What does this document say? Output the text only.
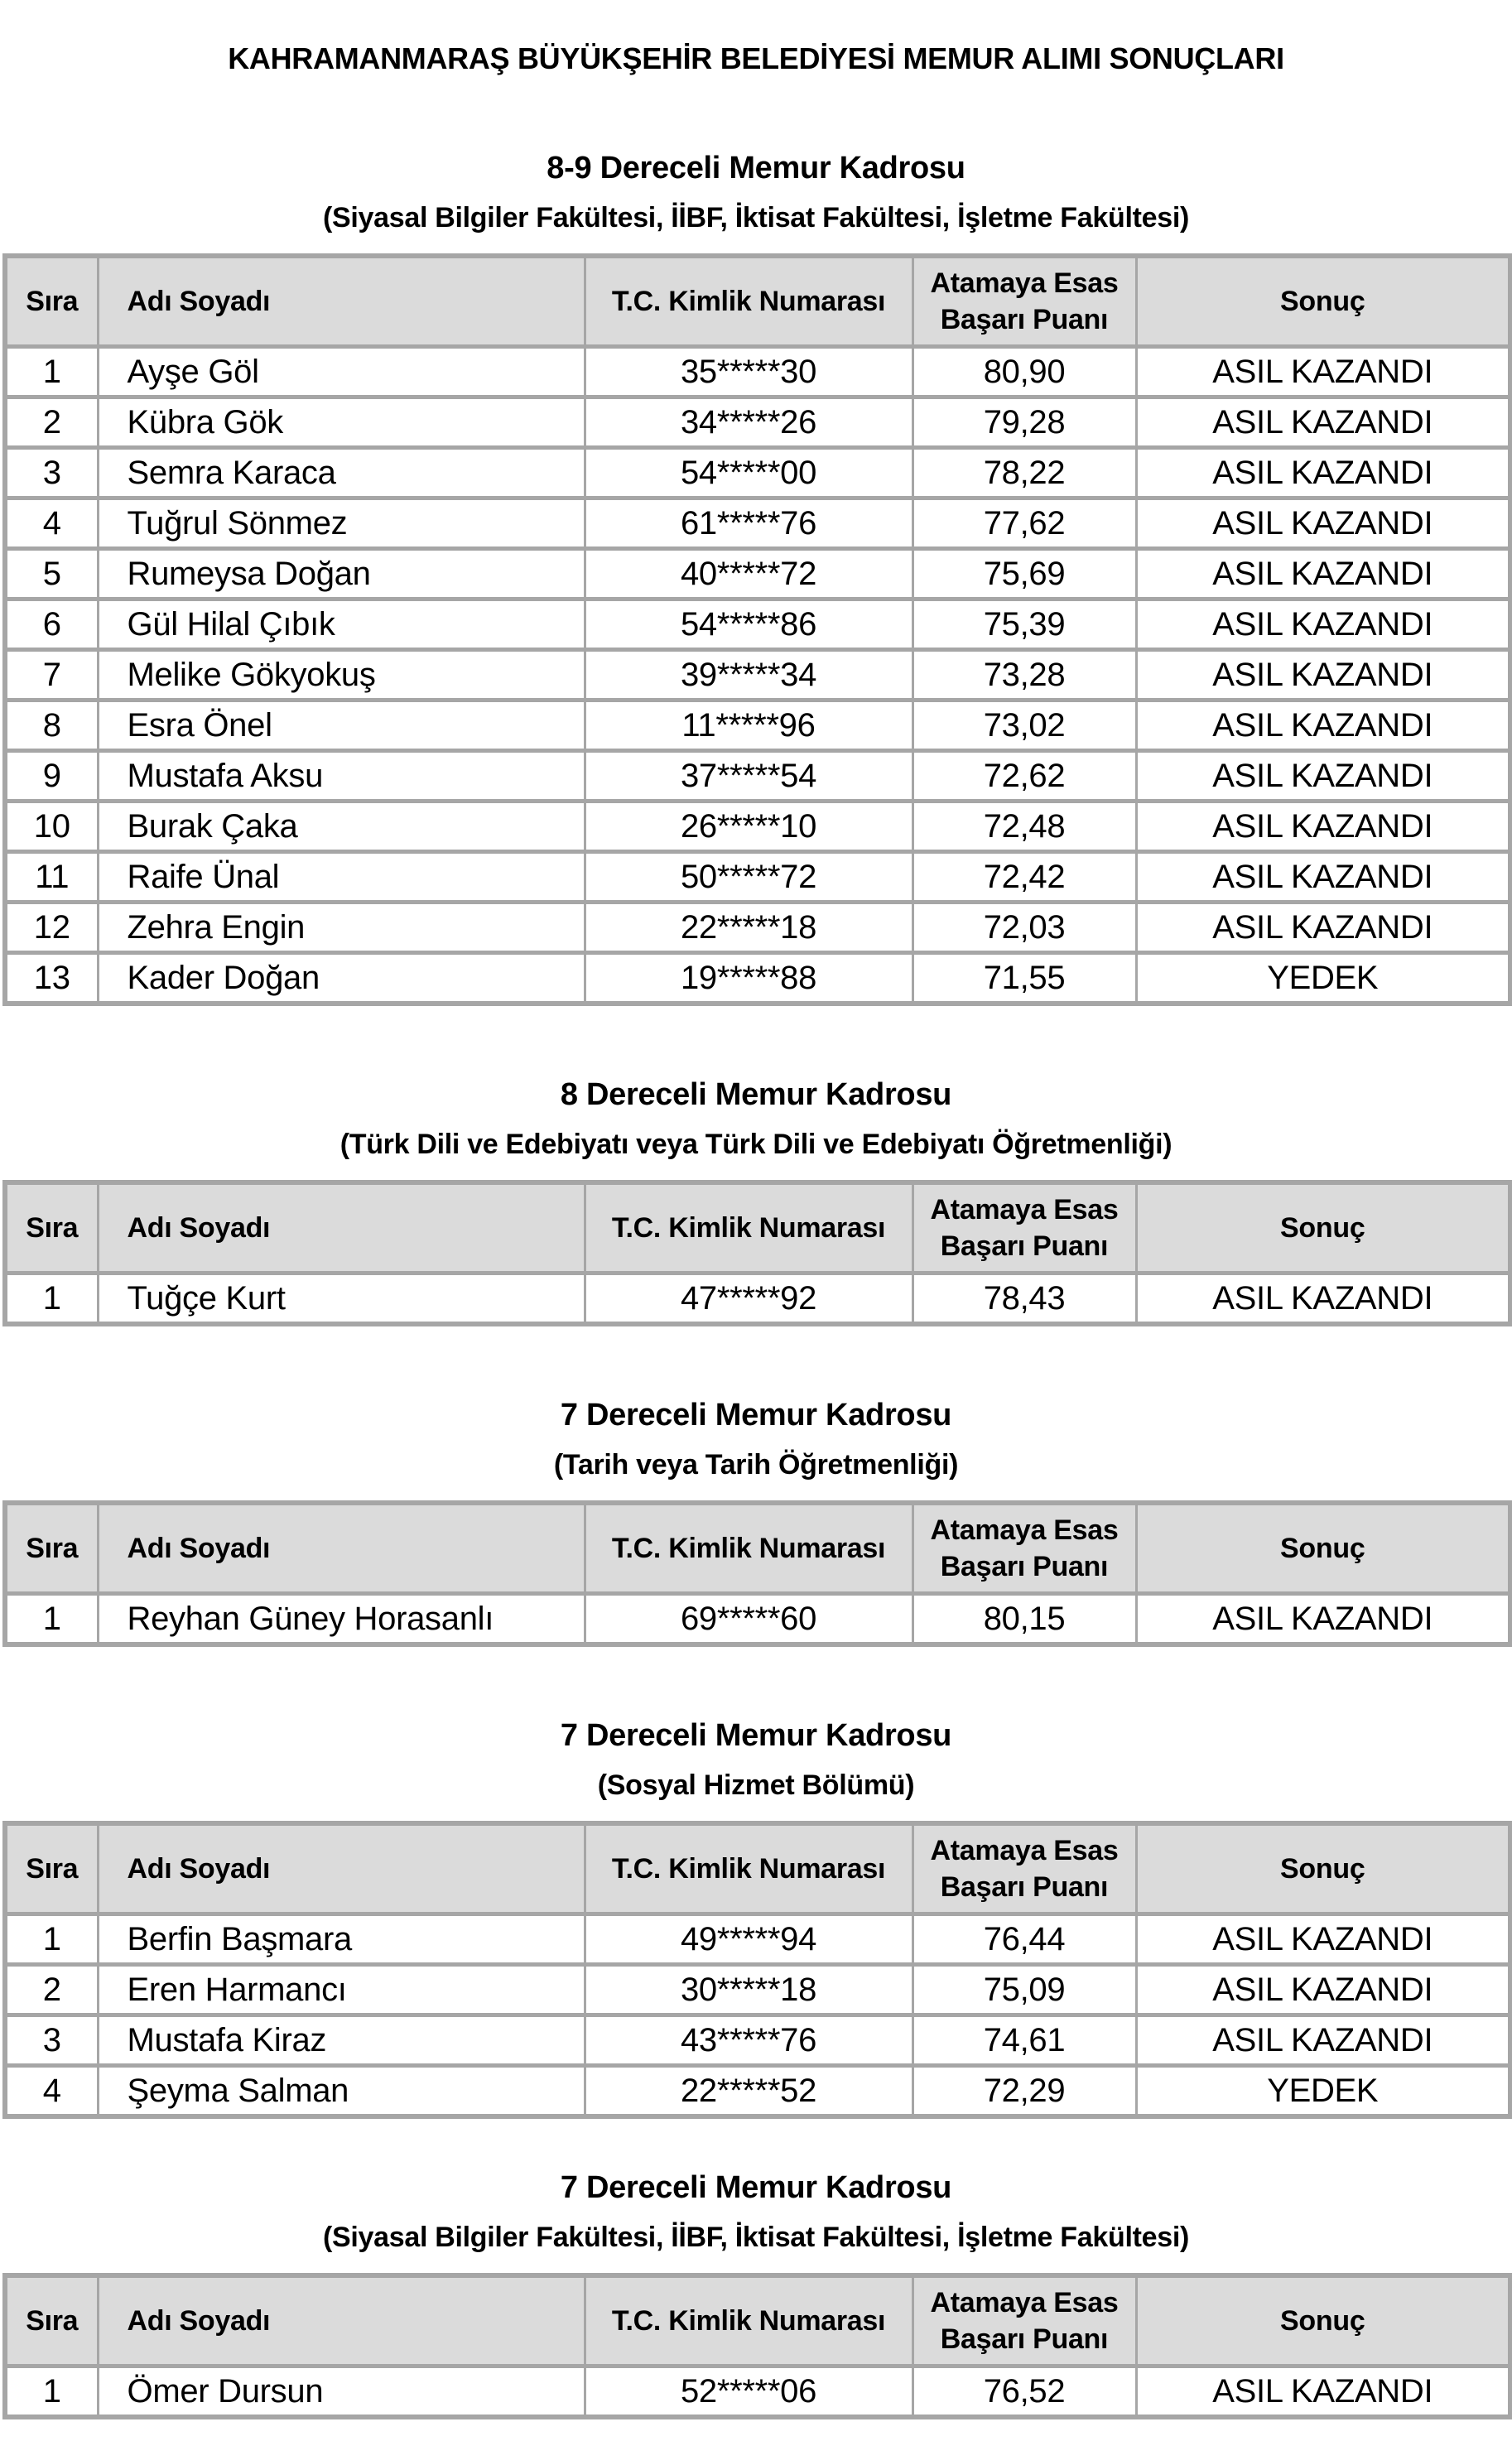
KAHRAMANMARAŞ BÜYÜKŞEHİR BELEDİYESİ MEMUR ALIMI SONUÇLARI
8-9 Dereceli Memur Kadrosu
(Siyasal Bilgiler Fakültesi, İİBF, İktisat Fakültesi, İşletme Fakültesi)
Sıra	Adı Soyadı	T.C. Kimlik Numarası	Atamaya Esas Başarı Puanı	Sonuç
1	Ayşe Göl	35*****30	80,90	ASIL KAZANDI
2	Kübra Gök	34*****26	79,28	ASIL KAZANDI
3	Semra Karaca	54*****00	78,22	ASIL KAZANDI
4	Tuğrul Sönmez	61*****76	77,62	ASIL KAZANDI
5	Rumeysa Doğan	40*****72	75,69	ASIL KAZANDI
6	Gül Hilal Çıbık	54*****86	75,39	ASIL KAZANDI
7	Melike Gökyokuş	39*****34	73,28	ASIL KAZANDI
8	Esra Önel	11*****96	73,02	ASIL KAZANDI
9	Mustafa Aksu	37*****54	72,62	ASIL KAZANDI
10	Burak Çaka	26*****10	72,48	ASIL KAZANDI
11	Raife Ünal	50*****72	72,42	ASIL KAZANDI
12	Zehra Engin	22*****18	72,03	ASIL KAZANDI
13	Kader Doğan	19*****88	71,55	YEDEK
8 Dereceli Memur Kadrosu
(Türk Dili ve Edebiyatı veya Türk Dili ve Edebiyatı Öğretmenliği)
Sıra	Adı Soyadı	T.C. Kimlik Numarası	Atamaya Esas Başarı Puanı	Sonuç
1	Tuğçe Kurt	47*****92	78,43	ASIL KAZANDI
7 Dereceli Memur Kadrosu
(Tarih veya Tarih Öğretmenliği)
Sıra	Adı Soyadı	T.C. Kimlik Numarası	Atamaya Esas Başarı Puanı	Sonuç
1	Reyhan Güney Horasanlı	69*****60	80,15	ASIL KAZANDI
7 Dereceli Memur Kadrosu
(Sosyal Hizmet Bölümü)
Sıra	Adı Soyadı	T.C. Kimlik Numarası	Atamaya Esas Başarı Puanı	Sonuç
1	Berfin Başmara	49*****94	76,44	ASIL KAZANDI
2	Eren Harmancı	30*****18	75,09	ASIL KAZANDI
3	Mustafa Kiraz	43*****76	74,61	ASIL KAZANDI
4	Şeyma Salman	22*****52	72,29	YEDEK
7 Dereceli Memur Kadrosu
(Siyasal Bilgiler Fakültesi, İİBF, İktisat Fakültesi, İşletme Fakültesi)
Sıra	Adı Soyadı	T.C. Kimlik Numarası	Atamaya Esas Başarı Puanı	Sonuç
1	Ömer Dursun	52*****06	76,52	ASIL KAZANDI
